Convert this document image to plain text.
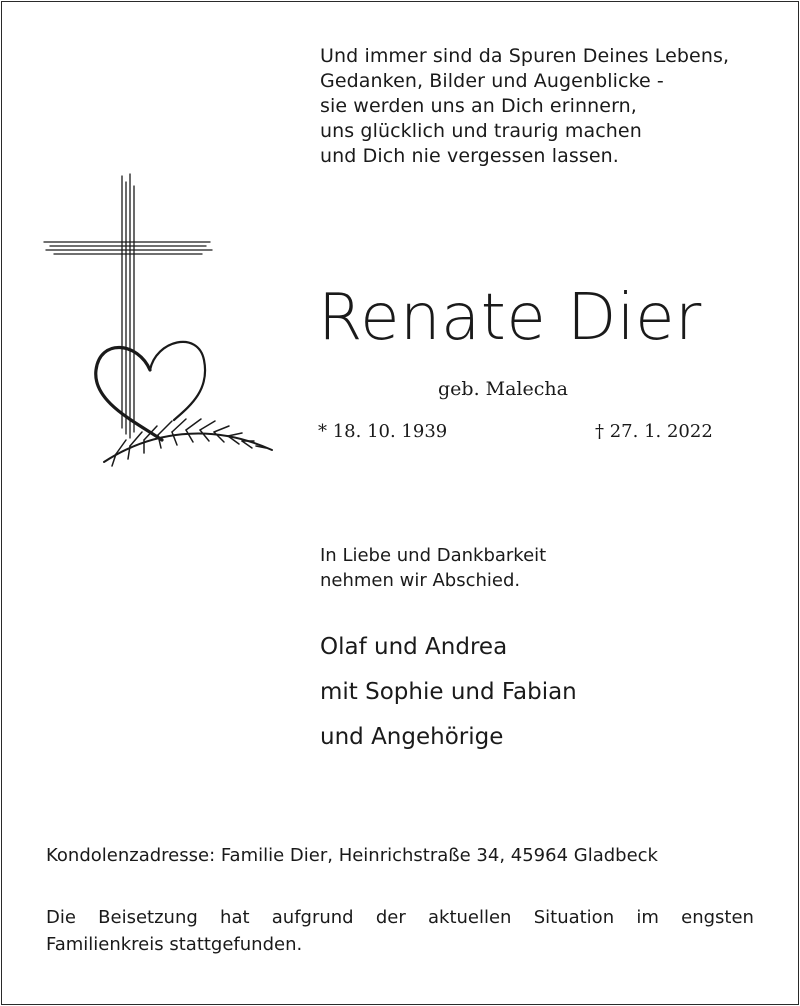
Und immer sind da Spuren Deines Lebens,
Gedanken, Bilder und Augenblicke -
sie werden uns an Dich erinnern,
uns glücklich und traurig machen
und Dich nie vergessen lassen.
Renate Dier
geb. Malecha
* 18. 10. 1939	† 27. 1. 2022
In Liebe und Dankbarkeit
nehmen wir Abschied.
Olaf und Andrea
mit Sophie und Fabian
und Angehörige
Kondolenzadresse: Familie Dier, Heinrichstraße 34, 45964 Gladbeck
Die Beisetzung hat aufgrund der aktuellen Situation im engsten
Familienkreis stattgefunden.
